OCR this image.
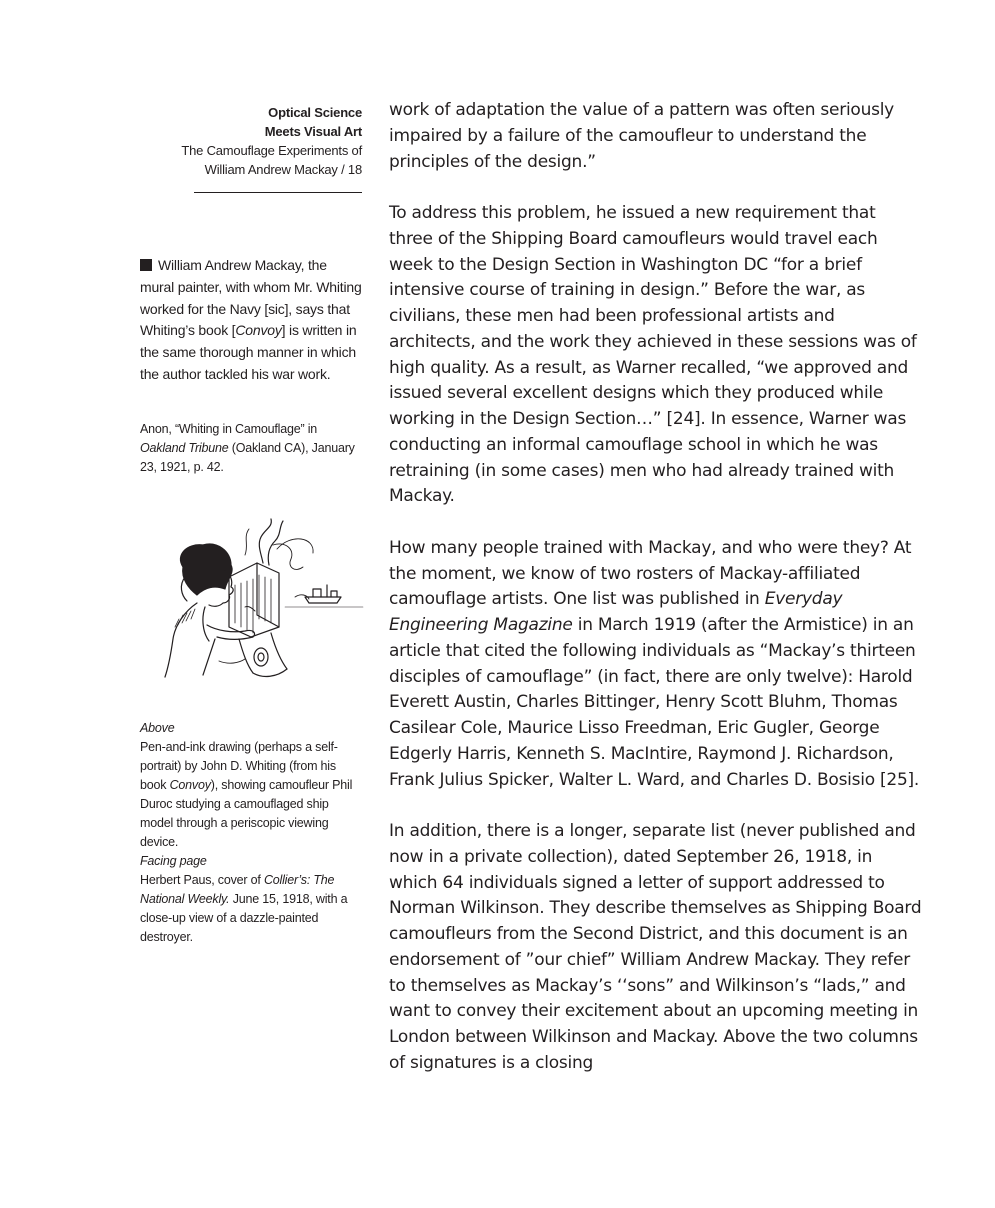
Optical Science
Meets Visual Art
The Camouflage Experiments of
William Andrew Mackay / 18
William Andrew Mackay, the mural painter, with whom Mr. Whiting worked for the Navy [sic], says that Whiting’s book [Convoy] is written in the same thorough manner in which the author tackled his war work.
Anon, “Whiting in Camouflage” in Oakland Tribune (Oakland CA), January 23, 1921, p. 42.
Above
Pen-and-ink drawing (perhaps a self-portrait) by John D. Whiting (from his book Convoy), showing camoufleur Phil Duroc studying a camouflaged ship model through a periscopic viewing device.
Facing page
Herbert Paus, cover of Collier’s: The National Weekly. June 15, 1918, with a close-up view of a dazzle-painted destroyer.

work of adaptation the value of a pattern was often seriously impaired by a failure of the camoufleur to understand the principles of the design.”

To address this problem, he issued a new requirement that three of the Shipping Board camoufleurs would travel each week to the Design Section in Washington DC “for a brief intensive course of training in design.” Before the war, as civilians, these men had been professional artists and architects, and the work they achieved in these sessions was of high quality. As a result, as Warner recalled, “we approved and issued several excellent designs which they produced while working in the Design Section…” [24]. In essence, Warner was conducting an informal camouflage school in which he was retraining (in some cases) men who had already trained with Mackay.

How many people trained with Mackay, and who were they? At the moment, we know of two rosters of Mackay-affiliated camouflage artists. One list was published in Everyday Engineering Magazine in March 1919 (after the Armistice) in an article that cited the following individuals as “Mackay’s thirteen disciples of camouflage” (in fact, there are only twelve): Harold Everett Austin, Charles Bittinger, Henry Scott Bluhm, Thomas Casilear Cole, Maurice Lisso Freedman, Eric Gugler, George Edgerly Harris, Kenneth S. MacIntire, Raymond J. Richardson, Frank Julius Spicker, Walter L. Ward, and Charles D. Bosisio [25].

In addition, there is a longer, separate list (never published and now in a private collection), dated September 26, 1918, in which 64 individuals signed a letter of support addressed to Norman Wilkinson. They describe themselves as Shipping Board camoufleurs from the Second District, and this document is an endorsement of ”our chief” William Andrew Mackay. They refer to themselves as Mackay’s ‘‘sons” and Wilkinson’s “lads,” and want to convey their excitement about an upcoming meeting in London between Wilkinson and Mackay. Above the two columns of signatures is a closing
